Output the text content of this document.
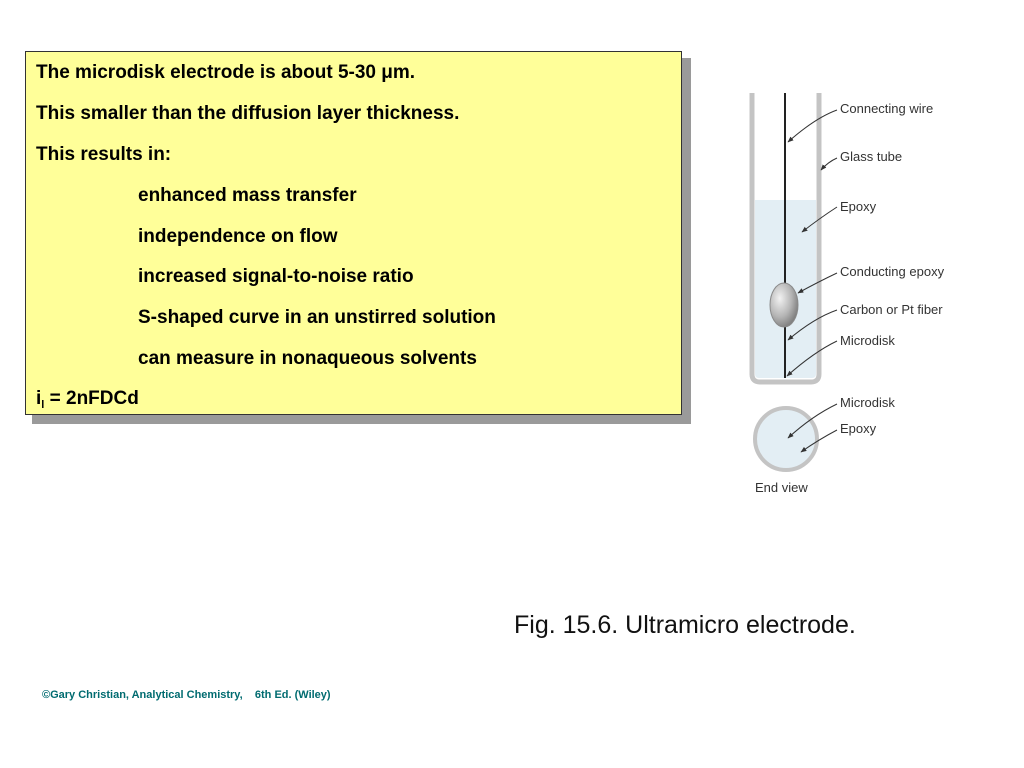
The microdisk electrode is about 5-30 μm.

This smaller than the diffusion layer thickness.

This results in:

enhanced mass transfer

independence on flow

increased signal-to-noise ratio

S-shaped curve in an unstirred solution

can measure in nonaqueous solvents

$i_l$ = 2nFDCd

Connecting wire
Glass tube
Epoxy
Conducting epoxy
Carbon or Pt fiber
Microdisk
Microdisk
Epoxy
End view

Fig. 15.6. Ultramicro electrode.

©Gary Christian, Analytical Chemistry,    6th Ed. (Wiley)
